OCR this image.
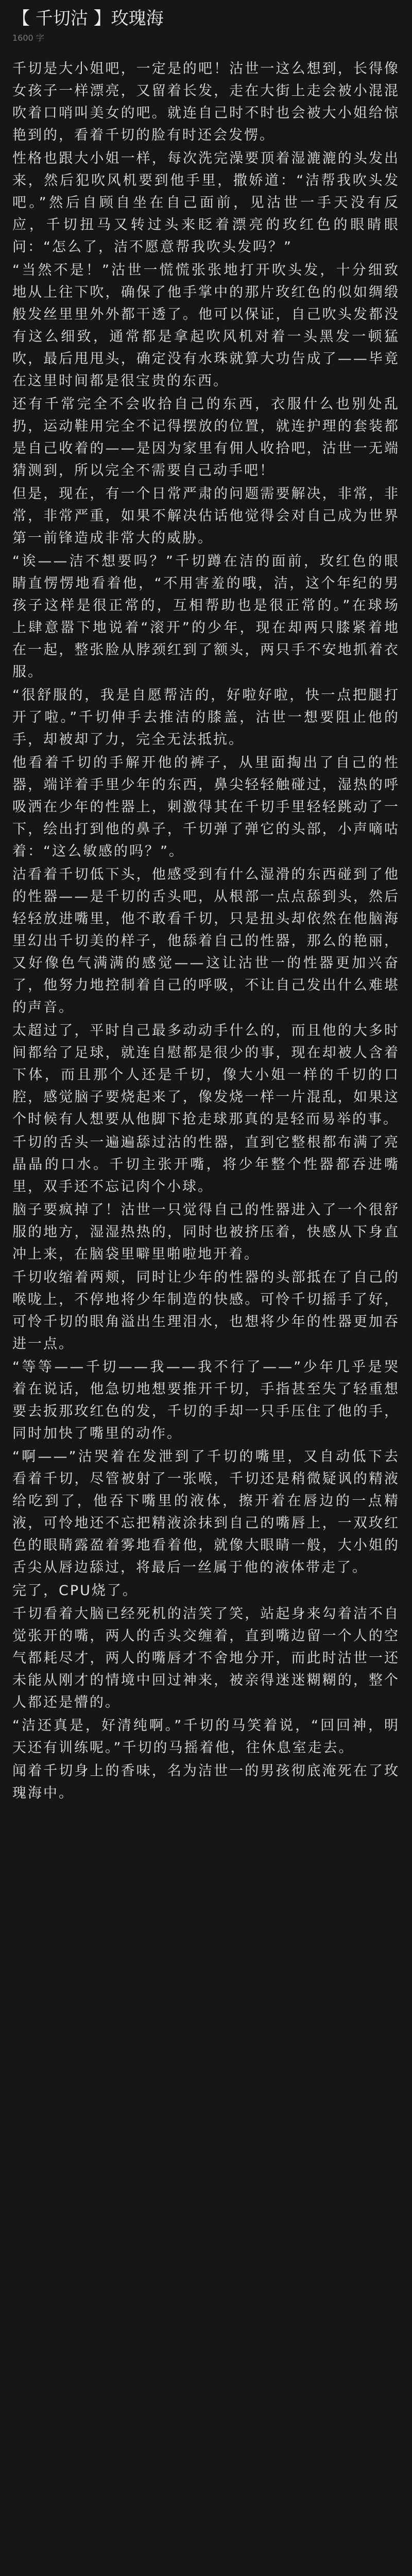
【 千切沽 】玫瑰海
1600 字

千切是大小姐吧，一定是的吧！沽世一这么想到，长得像女孩子一样漂亮，又留着长发，走在大街上走会被小混混吹着口哨叫美女的吧。就连自己时不时也会被大小姐给惊艳到的，看着千切的脸有时还会发愣。

性格也跟大小姐一样，每次洗完澡要顶着湿漉漉的头发出来，然后犯吹风机要到他手里，撒娇道：“洁帮我吹头发吧。”然后自顾自坐在自己面前，见沽世一手天没有反应，千切扭马又转过头来眨着漂亮的玫红色的眼睛眼问：“怎么了，洁不愿意帮我吹头发吗？”

“当然不是！”沽世一慌慌张张地打开吹头发，十分细致地从上往下吹，确保了他手掌中的那片玫红色的似如绸缎般发丝里里外外都干透了。他可以保证，自己吹头发都没有这么细致，通常都是拿起吹风机对着一头黑发一顿猛吹，最后甩甩头，确定没有水珠就算大功告成了——毕竟在这里时间都是很宝贵的东西。

还有千常完全不会收拾自己的东西，衣服什么也别处乱扔，运动鞋用完全不记得摆放的位置，就连护理的套装都是自己收着的——是因为家里有佣人收拾吧，沽世一无端猜测到，所以完全不需要自己动手吧！

但是，现在，有一个日常严肃的问题需要解决，非常，非常，非常严重，如果不解决估话他觉得会对自己成为世界第一前锋造成非常大的威胁。

“诶——洁不想要吗？”千切蹲在洁的面前，玫红色的眼睛直愣愣地看着他，“不用害羞的哦，洁，这个年纪的男孩子这样是很正常的，互相帮助也是很正常的。”在球场上肆意嚣下地说着“滚开”的少年，现在却两只膝紧着地在一起，整张脸从脖颈红到了额头，两只手不安地抓着衣服。

“很舒服的，我是自愿帮洁的，好啦好啦，快一点把腿打开了啦。”千切伸手去推洁的膝盖，沽世一想要阻止他的手，却被却了力，完全无法抵抗。

他看着千切的手解开他的裤子，从里面掏出了自己的性器，端详着手里少年的东西，鼻尖轻轻触碰过，湿热的呼吸洒在少年的性器上，刺激得其在千切手里轻轻跳动了一下，绘出打到他的鼻子，千切弹了弹它的头部，小声嘀咕着：“这么敏感的吗？”。

沽看着千切低下头，他感受到有什么湿滑的东西碰到了他的性器——是千切的舌头吧，从根部一点点舔到头，然后轻轻放进嘴里，他不敢看千切，只是扭头却依然在他脑海里幻出千切美的样子，他舔着自己的性器，那么的艳丽，又好像色气满满的感觉——这让沽世一的性器更加兴奋了，他努力地控制着自己的呼吸，不让自己发出什么难堪的声音。

太超过了，平时自己最多动动手什么的，而且他的大多时间都给了足球，就连自慰都是很少的事，现在却被人含着下体，而且那个人还是千切，像大小姐一样的千切的口腔，感觉脑子要烧起来了，像发烧一样一片混乱，如果这个时候有人想要从他脚下抢走球那真的是轻而易举的事。

千切的舌头一遍遍舔过沽的性器，直到它整根都布满了亮晶晶的口水。千切主张开嘴，将少年整个性器都吞进嘴里，双手还不忘记肉个小球。

脑子要疯掉了！沽世一只觉得自己的性器进入了一个很舒服的地方，湿湿热热的，同时也被挤压着，快感从下身直冲上来，在脑袋里噼里啪啦地开着。

千切收缩着两颊，同时让少年的性器的头部抵在了自己的喉咙上，不停地将少年制造的快感。可怜千切摇手了好，可怜千切的眼角溢出生理泪水，也想将少年的性器更加吞进一点。

“等等——千切——我——我不行了——”少年几乎是哭着在说话，他急切地想要推开千切，手指甚至失了轻重想要去扳那玫红色的发，千切的手却一只手压住了他的手，同时加快了嘴里的动作。

“啊——”沽哭着在发泄到了千切的嘴里，又自动低下去看着千切，尽管被射了一张喉，千切还是稍微疑讽的精液给吃到了，他吞下嘴里的液体，擦开着在唇边的一点精液，可怜地还不忘把精液涂抹到自己的嘴唇上，一双玫红色的眼睛露盈着雾地看着他，就像大眼睛一般，大小姐的舌尖从唇边舔过，将最后一丝属于他的液体带走了。

完了，CPU烧了。

千切看着大脑已经死机的洁笑了笑，站起身来勾着洁不自觉张开的嘴，两人的舌头交缠着，直到嘴边留一个人的空气都耗尽才，两人的嘴唇才不舍地分开，而此时沽世一还未能从刚才的情境中回过神来，被亲得迷迷糊糊的，整个人都还是懵的。

“洁还真是，好清纯啊。”千切的马笑着说，“回回神，明天还有训练呢。”千切的马摇着他，往休息室走去。

闻着千切身上的香味，名为洁世一的男孩彻底淹死在了玫瑰海中。
